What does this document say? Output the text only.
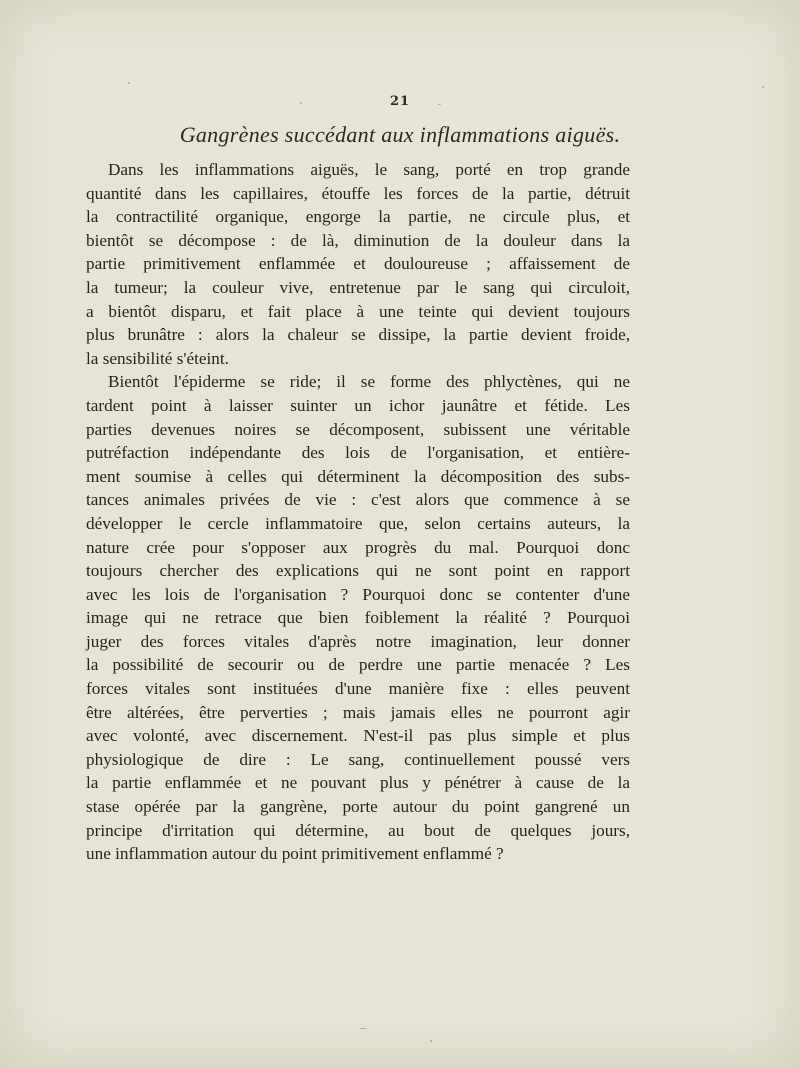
21
Gangrènes succédant aux inflammations aiguës.
Dans les inflammations aiguës, le sang, porté en trop grande
quantité dans les capillaires, étouffe les forces de la partie, détruit
la contractilité organique, engorge la partie, ne circule plus, et
bientôt se décompose : de là, diminution de la douleur dans la
partie primitivement enflammée et douloureuse ; affaissement de
la tumeur; la couleur vive, entretenue par le sang qui circuloit,
a bientôt disparu, et fait place à une teinte qui devient toujours
plus brunâtre : alors la chaleur se dissipe, la partie devient froide,
la sensibilité s'éteint.
Bientôt l'épiderme se ride; il se forme des phlyctènes, qui ne
tardent point à laisser suinter un ichor jaunâtre et fétide. Les
parties devenues noires se décomposent, subissent une véritable
putréfaction indépendante des lois de l'organisation, et entière-
ment soumise à celles qui déterminent la décomposition des subs-
tances animales privées de vie : c'est alors que commence à se
développer le cercle inflammatoire que, selon certains auteurs, la
nature crée pour s'opposer aux progrès du mal. Pourquoi donc
toujours chercher des explications qui ne sont point en rapport
avec les lois de l'organisation ? Pourquoi donc se contenter d'une
image qui ne retrace que bien foiblement la réalité ? Pourquoi
juger des forces vitales d'après notre imagination, leur donner
la possibilité de secourir ou de perdre une partie menacée ? Les
forces vitales sont instituées d'une manière fixe : elles peuvent
être altérées, être perverties ; mais jamais elles ne pourront agir
avec volonté, avec discernement. N'est-il pas plus simple et plus
physiologique de dire : Le sang, continuellement poussé vers
la partie enflammée et ne pouvant plus y pénétrer à cause de la
stase opérée par la gangrène, porte autour du point gangrené un
principe d'irritation qui détermine, au bout de quelques jours,
une inflammation autour du point primitivement enflammé ?
